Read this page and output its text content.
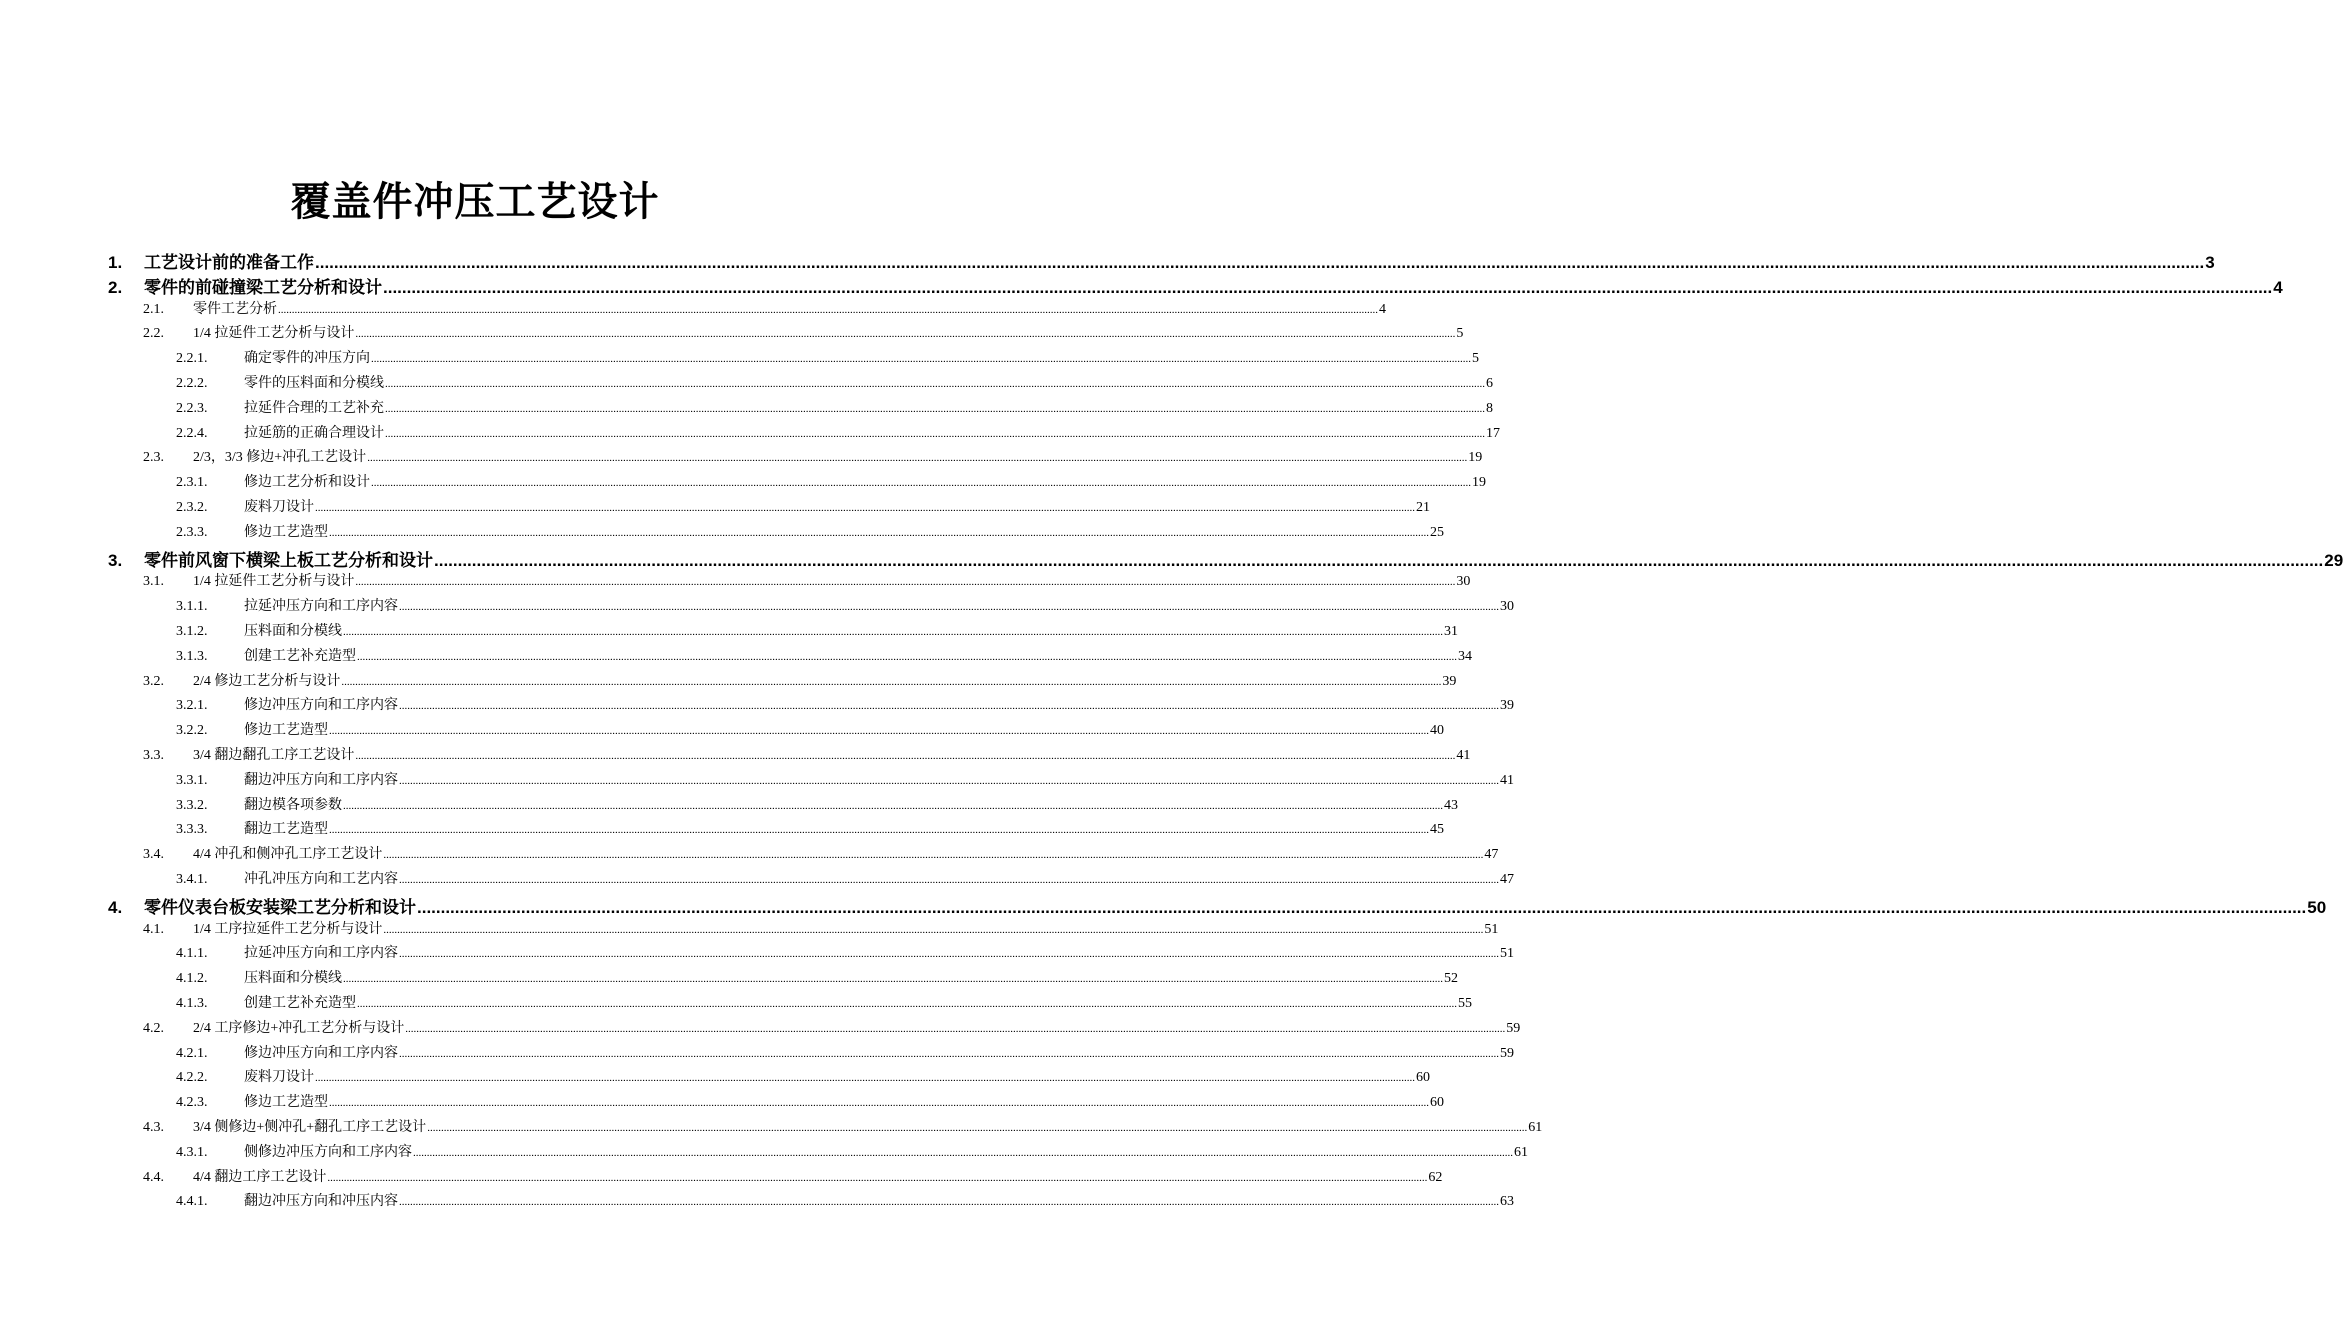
覆盖件冲压工艺设计
1.	工艺设计前的准备工作 ................................................................................................................................................................................................................................................................................................................................................................................................................ 3
2.	零件的前碰撞梁工艺分析和设计 ................................................................................................................................................................................................................................................................................................................................................................................................................ 4
2.1.	零件工艺分析 ................................................................................................................................................................................................................................................................................................................................................................................................................ 4
2.2.	1/4 拉延件工艺分析与设计 ................................................................................................................................................................................................................................................................................................................................................................................................................ 5
2.2.1.	确定零件的冲压方向 ................................................................................................................................................................................................................................................................................................................................................................................................................ 5
2.2.2.	零件的压料面和分模线 ................................................................................................................................................................................................................................................................................................................................................................................................................ 6
2.2.3.	拉延件合理的工艺补充 ................................................................................................................................................................................................................................................................................................................................................................................................................ 8
2.2.4.	拉延筋的正确合理设计 ................................................................................................................................................................................................................................................................................................................................................................................................................ 17
2.3.	2/3，3/3 修边+冲孔工艺设计 ................................................................................................................................................................................................................................................................................................................................................................................................................ 19
2.3.1.	修边工艺分析和设计 ................................................................................................................................................................................................................................................................................................................................................................................................................ 19
2.3.2.	废料刀设计 ................................................................................................................................................................................................................................................................................................................................................................................................................ 21
2.3.3.	修边工艺造型 ................................................................................................................................................................................................................................................................................................................................................................................................................ 25
3.	零件前风窗下横梁上板工艺分析和设计 ................................................................................................................................................................................................................................................................................................................................................................................................................ 29
3.1.	1/4 拉延件工艺分析与设计 ................................................................................................................................................................................................................................................................................................................................................................................................................ 30
3.1.1.	拉延冲压方向和工序内容 ................................................................................................................................................................................................................................................................................................................................................................................................................ 30
3.1.2.	压料面和分模线 ................................................................................................................................................................................................................................................................................................................................................................................................................ 31
3.1.3.	创建工艺补充造型 ................................................................................................................................................................................................................................................................................................................................................................................................................ 34
3.2.	2/4 修边工艺分析与设计 ................................................................................................................................................................................................................................................................................................................................................................................................................ 39
3.2.1.	修边冲压方向和工序内容 ................................................................................................................................................................................................................................................................................................................................................................................................................ 39
3.2.2.	修边工艺造型 ................................................................................................................................................................................................................................................................................................................................................................................................................ 40
3.3.	3/4 翻边翻孔工序工艺设计 ................................................................................................................................................................................................................................................................................................................................................................................................................ 41
3.3.1.	翻边冲压方向和工序内容 ................................................................................................................................................................................................................................................................................................................................................................................................................ 41
3.3.2.	翻边模各项参数 ................................................................................................................................................................................................................................................................................................................................................................................................................ 43
3.3.3.	翻边工艺造型 ................................................................................................................................................................................................................................................................................................................................................................................................................ 45
3.4.	4/4 冲孔和侧冲孔工序工艺设计 ................................................................................................................................................................................................................................................................................................................................................................................................................ 47
3.4.1.	冲孔冲压方向和工艺内容 ................................................................................................................................................................................................................................................................................................................................................................................................................ 47
4.	零件仪表台板安装梁工艺分析和设计 ................................................................................................................................................................................................................................................................................................................................................................................................................ 50
4.1.	1/4 工序拉延件工艺分析与设计 ................................................................................................................................................................................................................................................................................................................................................................................................................ 51
4.1.1.	拉延冲压方向和工序内容 ................................................................................................................................................................................................................................................................................................................................................................................................................ 51
4.1.2.	压料面和分模线 ................................................................................................................................................................................................................................................................................................................................................................................................................ 52
4.1.3.	创建工艺补充造型 ................................................................................................................................................................................................................................................................................................................................................................................................................ 55
4.2.	2/4 工序修边+冲孔工艺分析与设计 ................................................................................................................................................................................................................................................................................................................................................................................................................ 59
4.2.1.	修边冲压方向和工序内容 ................................................................................................................................................................................................................................................................................................................................................................................................................ 59
4.2.2.	废料刀设计 ................................................................................................................................................................................................................................................................................................................................................................................................................ 60
4.2.3.	修边工艺造型 ................................................................................................................................................................................................................................................................................................................................................................................................................ 60
4.3.	3/4 侧修边+侧冲孔+翻孔工序工艺设计 ................................................................................................................................................................................................................................................................................................................................................................................................................ 61
4.3.1.	侧修边冲压方向和工序内容 ................................................................................................................................................................................................................................................................................................................................................................................................................ 61
4.4.	4/4 翻边工序工艺设计 ................................................................................................................................................................................................................................................................................................................................................................................................................ 62
4.4.1.	翻边冲压方向和冲压内容 ................................................................................................................................................................................................................................................................................................................................................................................................................ 63
